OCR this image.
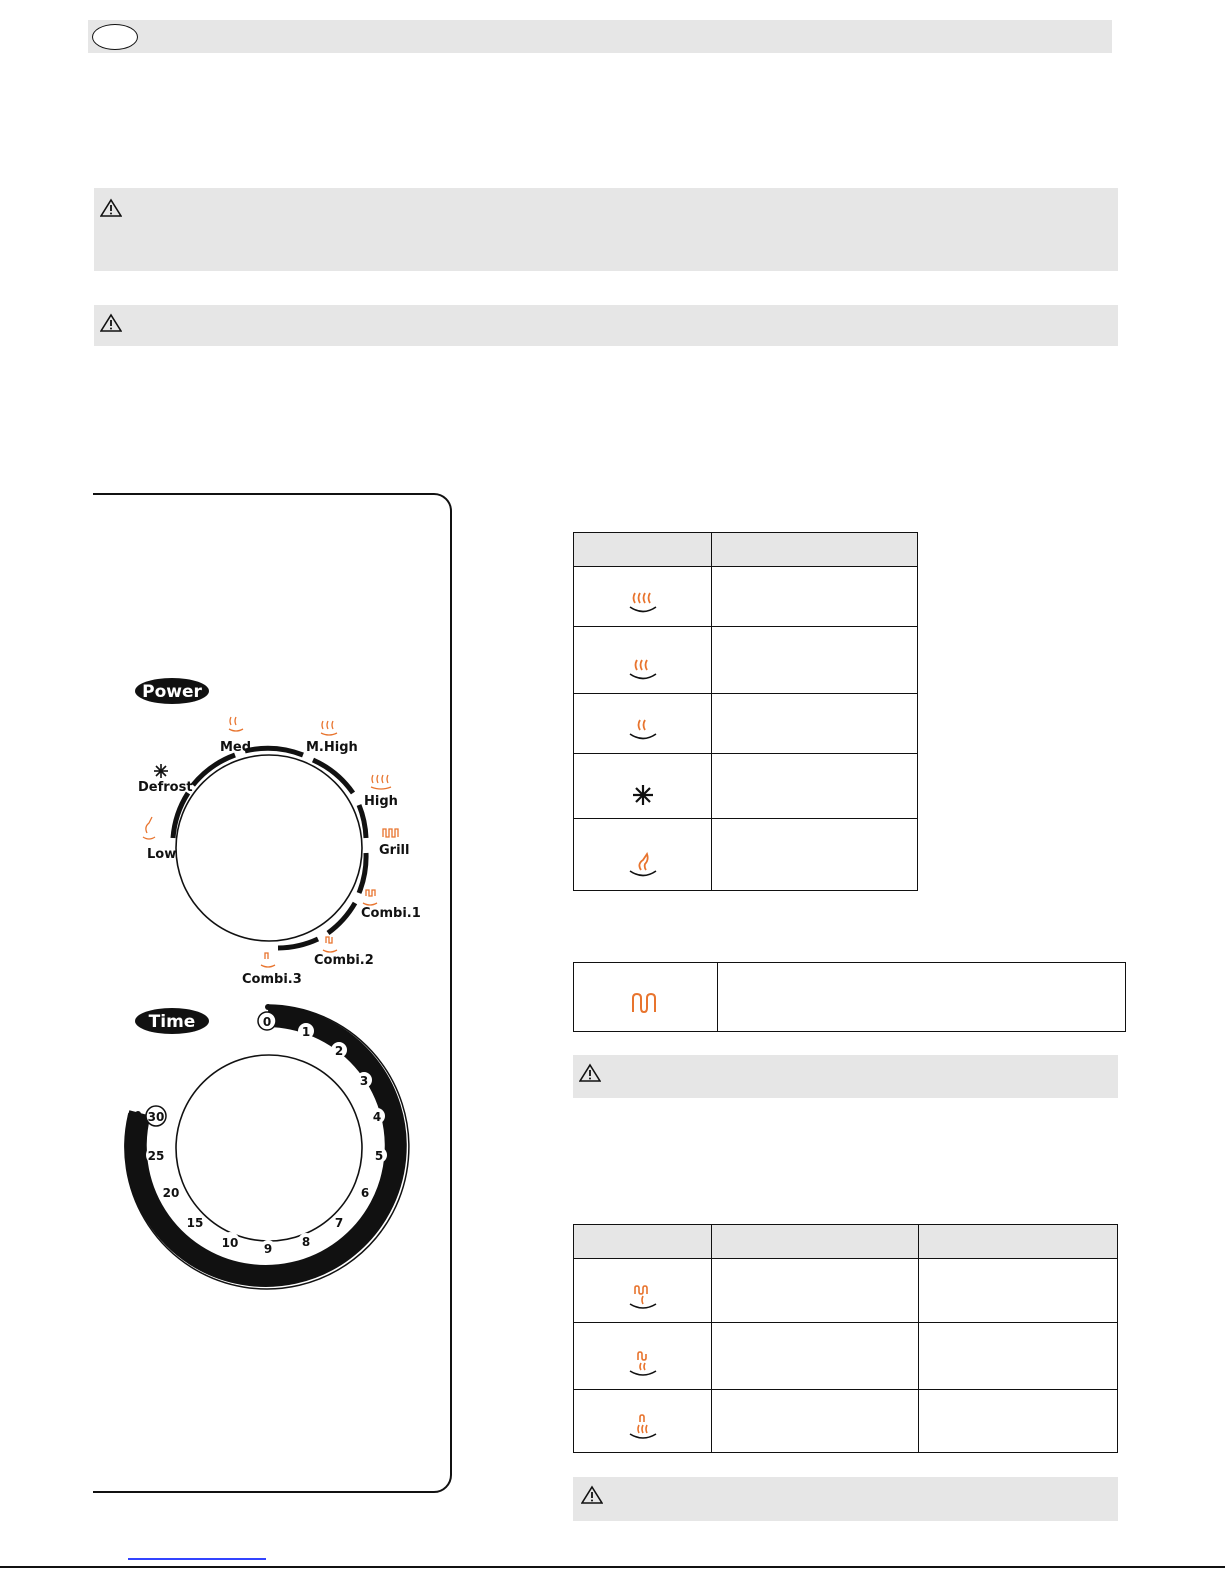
Power
Low
Defrost
Med	M.High
High
Grill
Combi.1
Combi.2
Combi.3
Time	0
1
2
3
4
5
6
7
8
9
10
15
20
25
30
